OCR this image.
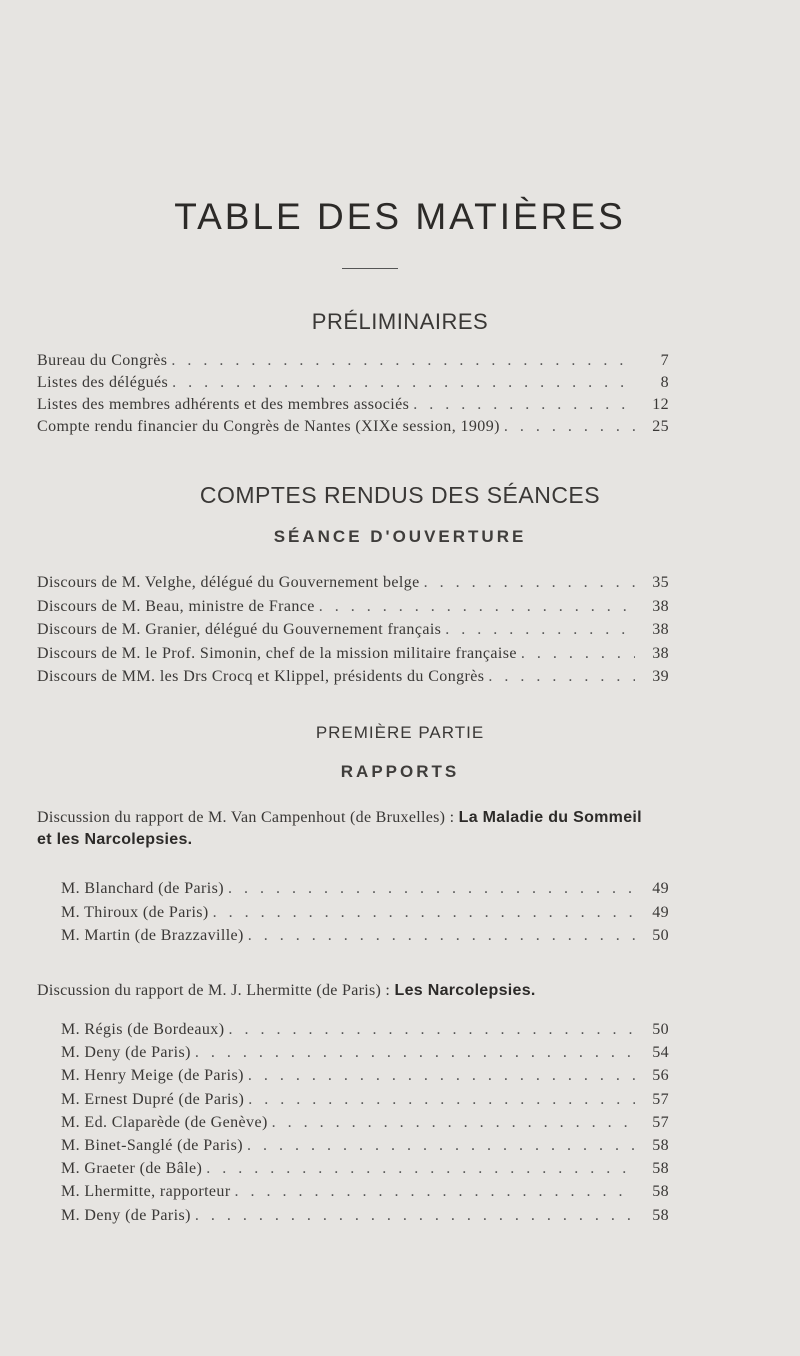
TABLE DES MATIÈRES
PRÉLIMINAIRES
COMPTES RENDUS DES SÉANCES
SÉANCE D'OUVERTURE
PREMIÈRE PARTIE
RAPPORTS
Discussion du rapport de M. Van Campenhout (de Bruxelles) : La Maladie du Sommeil et les Narcolepsies.
Discussion du rapport de M. J. Lhermitte (de Paris) : Les Narcolepsies.
Bureau du Congrès . . .	7
Listes des délégués . . .	8
Listes des membres adhérents et des membres associés . . .	12
Compte rendu financier du Congrès de Nantes (XIXe session, 1909) . . .	25
Discours de M. Velghe, délégué du Gouvernement belge . . .	35
Discours de M. Beau, ministre de France . . .	38
Discours de M. Granier, délégué du Gouvernement français . . .	38
Discours de M. le Prof. Simonin, chef de la mission militaire française . . .	38
Discours de MM. les Drs Crocq et Klippel, présidents du Congrès . . .	39
M. Blanchard (de Paris) . . .	49
M. Thiroux (de Paris) . . .	49
M. Martin (de Brazzaville) . . .	50
M. Régis (de Bordeaux) . . .	50
M. Deny (de Paris) . . .	54
M. Henry Meige (de Paris) . . .	56
M. Ernest Dupré (de Paris) . . .	57
M. Ed. Claparède (de Genève) . . .	57
M. Binet-Sanglé (de Paris) . . .	58
M. Graeter (de Bâle) . . .	58
M. Lhermitte, rapporteur . . .	58
M. Deny (de Paris) . . .	58
